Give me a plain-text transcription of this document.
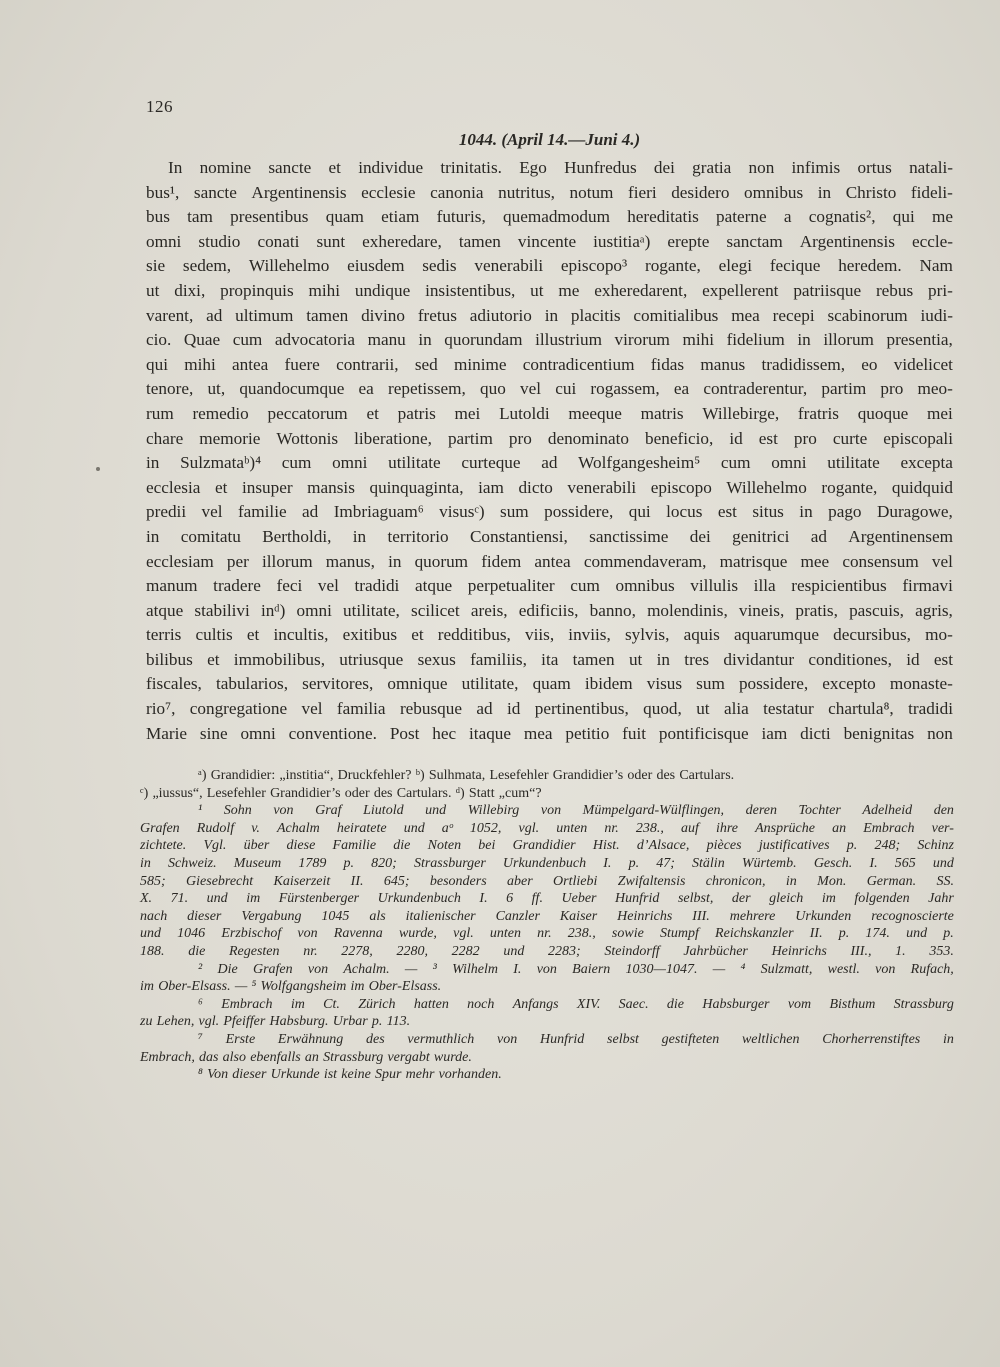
126
1044. (April 14.—Juni 4.)
In nomine sancte et individue trinitatis. Ego Hunfredus dei gratia non infimis ortus natali-
bus¹, sancte Argentinensis ecclesie canonia nutritus, notum fieri desidero omnibus in Christo fideli-
bus tam presentibus quam etiam futuris, quemadmodum hereditatis paterne a cognatis², qui me
omni studio conati sunt exheredare, tamen vincente iustitiaᵃ) erepte sanctam Argentinensis eccle-
sie sedem, Willehelmo eiusdem sedis venerabili episcopo³ rogante, elegi fecique heredem. Nam
ut dixi, propinquis mihi undique insistentibus, ut me exheredarent, expellerent patriisque rebus pri-
varent, ad ultimum tamen divino fretus adiutorio in placitis comitialibus mea recepi scabinorum iudi-
cio. Quae cum advocatoria manu in quorundam illustrium virorum mihi fidelium in illorum presentia,
qui mihi antea fuere contrarii, sed minime contradicentium fidas manus tradidissem, eo videlicet
tenore, ut, quandocumque ea repetissem, quo vel cui rogassem, ea contraderentur, partim pro meo-
rum remedio peccatorum et patris mei Lutoldi meeque matris Willebirge, fratris quoque mei
chare memorie Wottonis liberatione, partim pro denominato beneficio, id est pro curte episcopali
in Sulzmataᵇ)⁴ cum omni utilitate curteque ad Wolfgangesheim⁵ cum omni utilitate excepta
ecclesia et insuper mansis quinquaginta, iam dicto venerabili episcopo Willehelmo rogante, quidquid
predii vel familie ad Imbriaguam⁶ visusᶜ) sum possidere, qui locus est situs in pago Duragowe,
in comitatu Bertholdi, in territorio Constantiensi, sanctissime dei genitrici ad Argentinensem
ecclesiam per illorum manus, in quorum fidem antea commendaveram, matrisque mee consensum vel
manum tradere feci vel tradidi atque perpetualiter cum omnibus villulis illa respicientibus firmavi
atque stabilivi inᵈ) omni utilitate, scilicet areis, edificiis, banno, molendinis, vineis, pratis, pascuis, agris,
terris cultis et incultis, exitibus et redditibus, viis, inviis, sylvis, aquis aquarumque decursibus, mo-
bilibus et immobilibus, utriusque sexus familiis, ita tamen ut in tres dividantur conditiones, id est
fiscales, tabularios, servitores, omnique utilitate, quam ibidem visus sum possidere, excepto monaste-
rio⁷, congregatione vel familia rebusque ad id pertinentibus, quod, ut alia testatur chartula⁸, tradidi
Marie sine omni conventione. Post hec itaque mea petitio fuit pontificisque iam dicti benignitas non
ᵃ) Grandidier: „institia“, Druckfehler? ᵇ) Sulhmata, Lesefehler Grandidier’s oder des Cartulars.
ᶜ) „iussus“, Lesefehler Grandidier’s oder des Cartulars. ᵈ) Statt „cum“?
¹ Sohn von Graf Liutold und Willebirg von Mümpelgard-Wülflingen, deren Tochter Adelheid den
Grafen Rudolf v. Achalm heiratete und aᵒ 1052, vgl. unten nr. 238., auf ihre Ansprüche an Embrach ver-
zichtete. Vgl. über diese Familie die Noten bei Grandidier Hist. d’Alsace, pièces justificatives p. 248; Schinz
in Schweiz. Museum 1789 p. 820; Strassburger Urkundenbuch I. p. 47; Stälin Würtemb. Gesch. I. 565 und
585; Giesebrecht Kaiserzeit II. 645; besonders aber Ortliebi Zwifaltensis chronicon, in Mon. German. SS.
X. 71. und im Fürstenberger Urkundenbuch I. 6 ff. Ueber Hunfrid selbst, der gleich im folgenden Jahr
nach dieser Vergabung 1045 als italienischer Canzler Kaiser Heinrichs III. mehrere Urkunden recognoscierte
und 1046 Erzbischof von Ravenna wurde, vgl. unten nr. 238., sowie Stumpf Reichskanzler II. p. 174. und p.
188. die Regesten nr. 2278, 2280, 2282 und 2283; Steindorff Jahrbücher Heinrichs III., 1. 353.
² Die Grafen von Achalm. — ³ Wilhelm I. von Baiern 1030—1047. — ⁴ Sulzmatt, westl. von Rufach,
im Ober-Elsass. — ⁵ Wolfgangsheim im Ober-Elsass.
⁶ Embrach im Ct. Zürich hatten noch Anfangs XIV. Saec. die Habsburger vom Bisthum Strassburg
zu Lehen, vgl. Pfeiffer Habsburg. Urbar p. 113.
⁷ Erste Erwähnung des vermuthlich von Hunfrid selbst gestifteten weltlichen Chorherrenstiftes in
Embrach, das also ebenfalls an Strassburg vergabt wurde.
⁸ Von dieser Urkunde ist keine Spur mehr vorhanden.
